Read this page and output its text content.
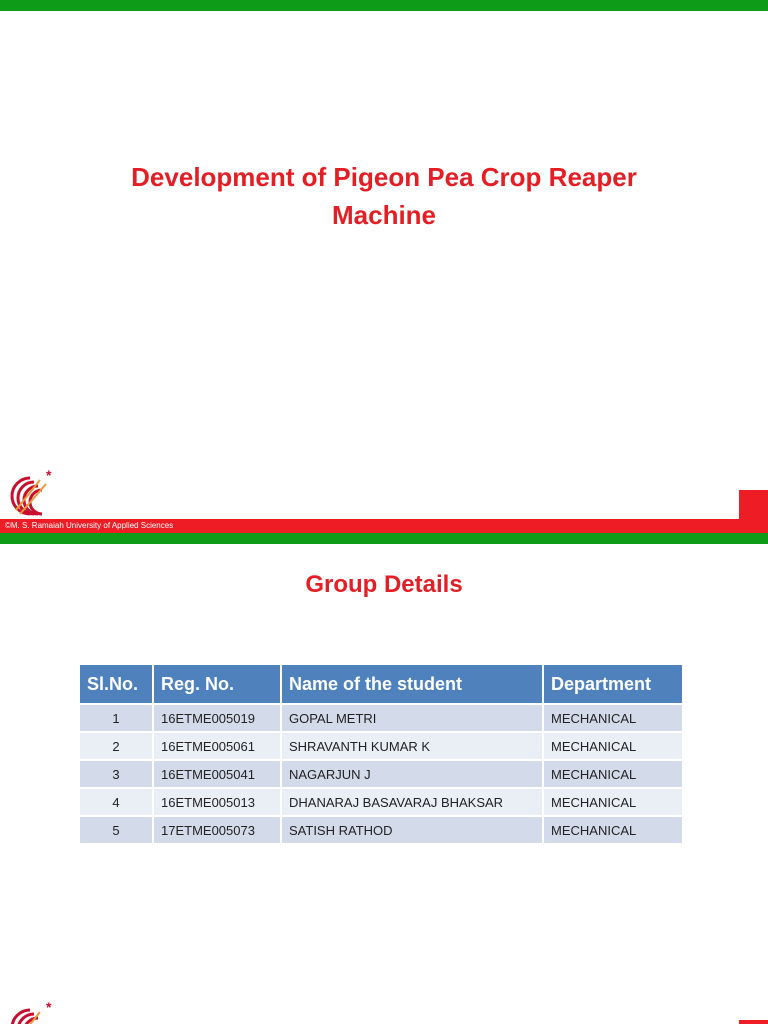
Development of Pigeon Pea Crop Reaper
Machine
*
©M. S. Ramaiah University of Applied Sciences
Group Details
Sl.No.	Reg. No.	Name of the student	Department
1	16ETME005019	GOPAL METRI	MECHANICAL
2	16ETME005061	SHRAVANTH KUMAR K	MECHANICAL
3	16ETME005041	NAGARJUN J	MECHANICAL
4	16ETME005013	DHANARAJ BASAVARAJ BHAKSAR	MECHANICAL
5	17ETME005073	SATISH RATHOD	MECHANICAL
*
